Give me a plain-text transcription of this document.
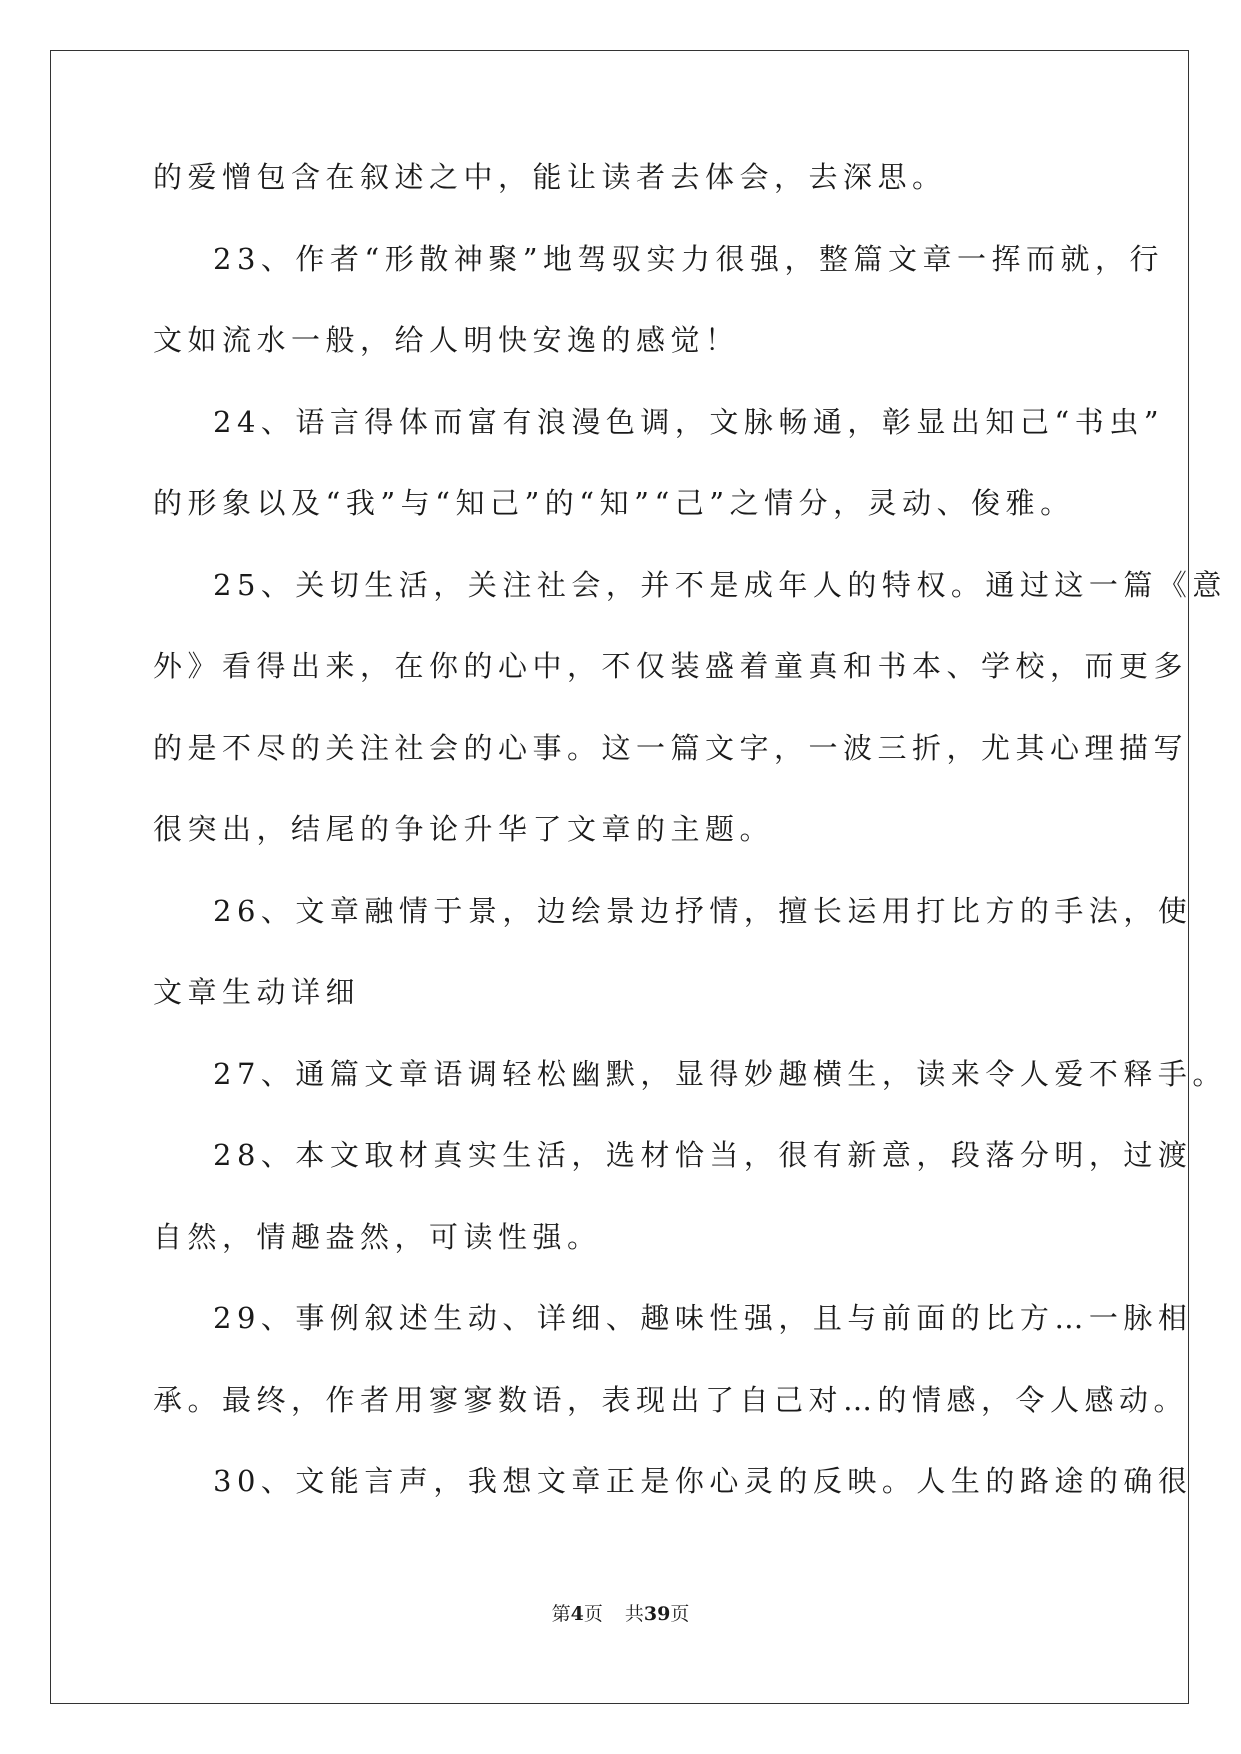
的爱憎包含在叙述之中，能让读者去体会，去深思。
23、作者“形散神聚”地驾驭实力很强，整篇文章一挥而就，行
文如流水一般，给人明快安逸的感觉！
24、语言得体而富有浪漫色调，文脉畅通，彰显出知己“书虫”
的形象以及“我”与“知己”的“知”“己”之情分，灵动、俊雅。
25、关切生活，关注社会，并不是成年人的特权。通过这一篇《意
外》看得出来，在你的心中，不仅装盛着童真和书本、学校，而更多
的是不尽的关注社会的心事。这一篇文字，一波三折，尤其心理描写
很突出，结尾的争论升华了文章的主题。
26、文章融情于景，边绘景边抒情，擅长运用打比方的手法，使
文章生动详细
27、通篇文章语调轻松幽默，显得妙趣横生，读来令人爱不释手。
28、本文取材真实生活，选材恰当，很有新意，段落分明，过渡
自然，情趣盎然，可读性强。
29、事例叙述生动、详细、趣味性强，且与前面的比方…一脉相
承。最终，作者用寥寥数语，表现出了自己对…的情感，令人感动。
30、文能言声，我想文章正是你心灵的反映。人生的路途的确很
第4页 共39页
